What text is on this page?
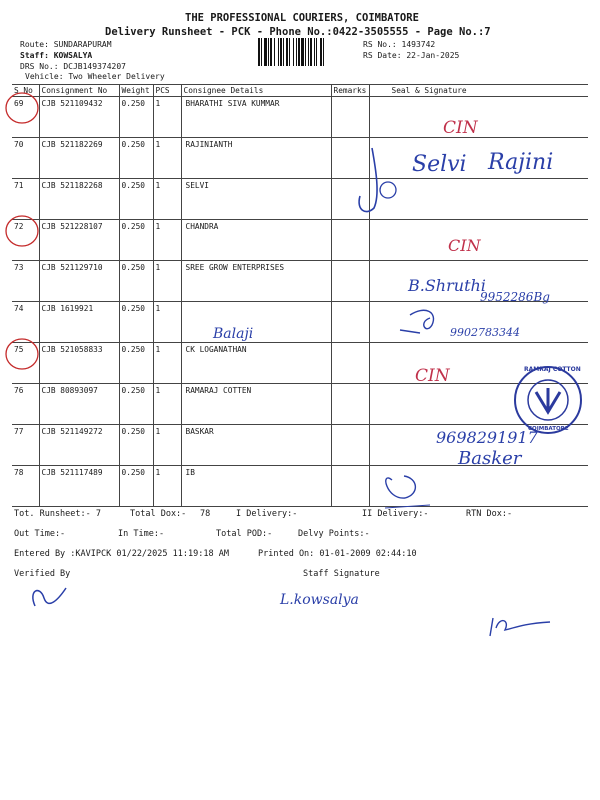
THE PROFESSIONAL COURIERS, COIMBATORE
Delivery Runsheet - PCK - Phone No.:0422-3505555 - Page No.:7
Route: SUNDARAPURAM
Staff: KOWSALYA
DRS No.: DCJB149374207
Vehicle: Two Wheeler Delivery
RS No.: 1493742
RS Date: 22-Jan-2025
S No	Consignment No	Weight	PCS	Consignee Details	Remarks	Seal & Signature
69	CJB 521109432	0.250	1	BHARATHI SIVA KUMMAR		
70	CJB 521182269	0.250	1	RAJINIANTH		
71	CJB 521182268	0.250	1	SELVI		
72	CJB 521228107	0.250	1	CHANDRA		
73	CJB 521129710	0.250	1	SREE GROW ENTERPRISES		
74	CJB 1619921	0.250	1			
75	CJB 521058833	0.250	1	CK LOGANATHAN		
76	CJB 80893097	0.250	1	RAMARAJ COTTEN		
77	CJB 521149272	0.250	1	BASKAR		
78	CJB 521117489	0.250	1	IB		
CIN
Selvi Rajini
CIN
B.Shruthi
9952286Bg
9902783344
Balaji
CIN
9698291917
Basker
L.kowsalya
RAMRAJ COTTON
COIMBATORE
Tot. Runsheet:- 7	Total Dox:- 78	I Delivery:-	II Delivery:-	RTN Dox:-
Out Time:-	In Time:-	Total POD:-	Delvy Points:-
Entered By :KAVIPCK 01/22/2025 11:19:18 AM	Printed On: 01-01-2009 02:44:10
Verified By	Staff Signature
